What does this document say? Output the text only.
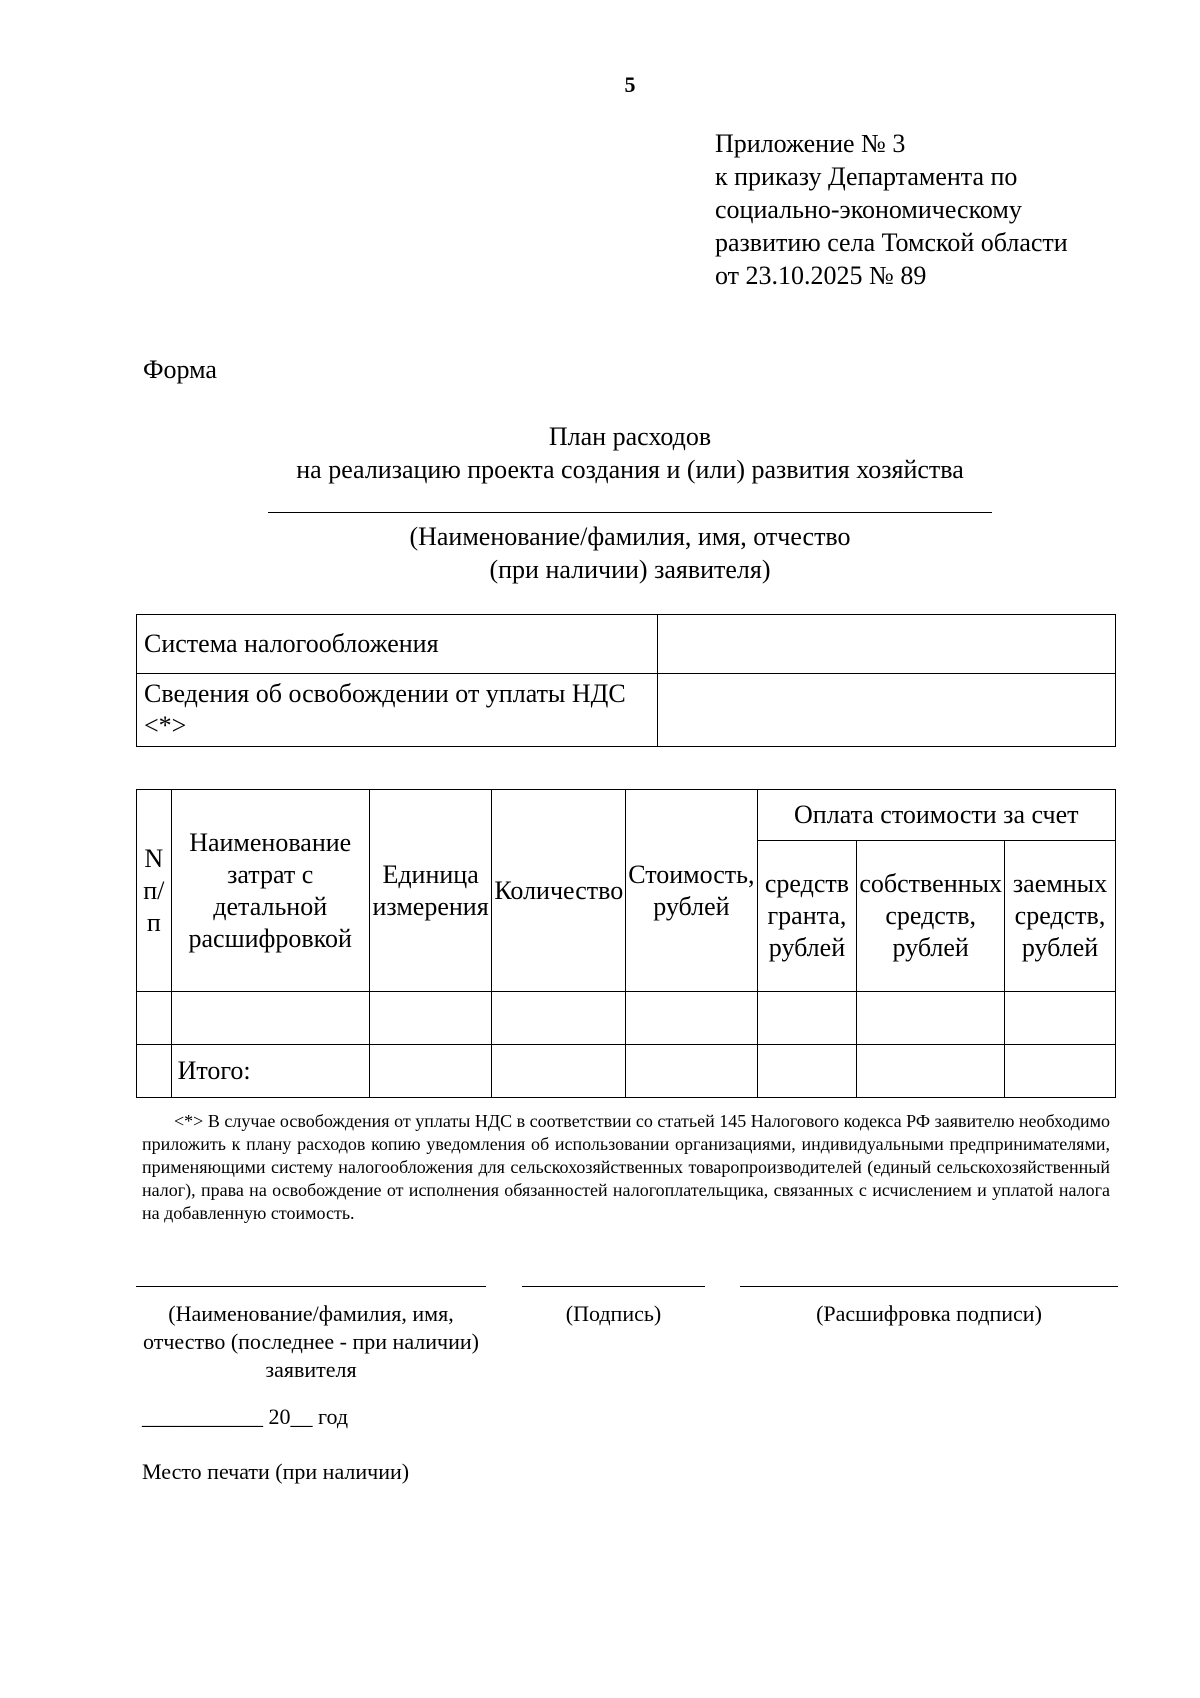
5
Приложение № 3
к приказу Департамента по
социально-экономическому
развитию села Томской области
от 23.10.2025 № 89
Форма
План расходов
на реализацию проекта создания и (или) развития хозяйства
(Наименование/фамилия, имя, отчество
(при наличии) заявителя)
Система налогообложения	
Сведения об освобождении от уплаты НДС <*>	
N п/п	Наименование затрат с детальной расшифровкой	Единица измерения	Количество	Стоимость, рублей	Оплата стоимости за счет		
					средств гранта, рублей	собственных средств, рублей	заемных средств, рублей

	Итого:						

<*> В случае освобождения от уплаты НДС в соответствии со статьей 145 Налогового кодекса РФ заявителю необходимо приложить к плану расходов копию уведомления об использовании организациями, индивидуальными предпринимателями, применяющими систему налогообложения для сельскохозяйственных товаропроизводителей (единый сельскохозяйственный налог), права на освобождение от исполнения обязанностей налогоплательщика, связанных с исчислением и уплатой налога на добавленную стоимость.

(Наименование/фамилия, имя, отчество (последнее - при наличии) заявителя
(Подпись)	(Расшифровка подписи)
___________ 20__ год
Место печати (при наличии)
